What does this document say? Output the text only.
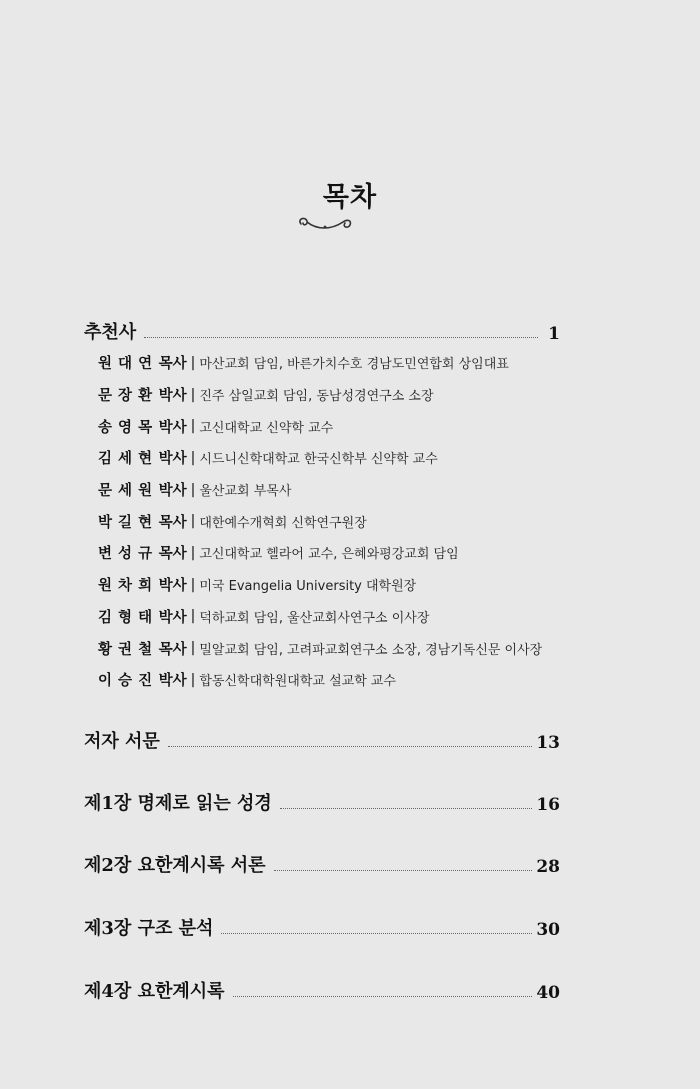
목차
추천사	1
원 대 연 목사 | 마산교회 담임, 바른가치수호 경남도민연합회 상임대표
문 장 환 박사 | 진주 삼일교회 담임, 동남성경연구소 소장
송 영 목 박사 | 고신대학교 신약학 교수
김 세 현 박사 | 시드니신학대학교 한국신학부 신약학 교수
문 세 원 박사 | 울산교회 부목사
박 길 현 목사 | 대한예수개혁회 신학연구원장
변 성 규 목사 | 고신대학교 헬라어 교수, 은혜와평강교회 담임
원 차 희 박사 | 미국 Evangelia University 대학원장
김 형 태 박사 | 덕하교회 담임, 울산교회사연구소 이사장
황 권 철 목사 | 밀알교회 담임, 고려파교회연구소 소장, 경남기독신문 이사장
이 승 진 박사 | 합동신학대학원대학교 설교학 교수
저자 서문	13
제1장 명제로 읽는 성경	16
제2장 요한계시록 서론	28
제3장 구조 분석	30
제4장 요한계시록	40
